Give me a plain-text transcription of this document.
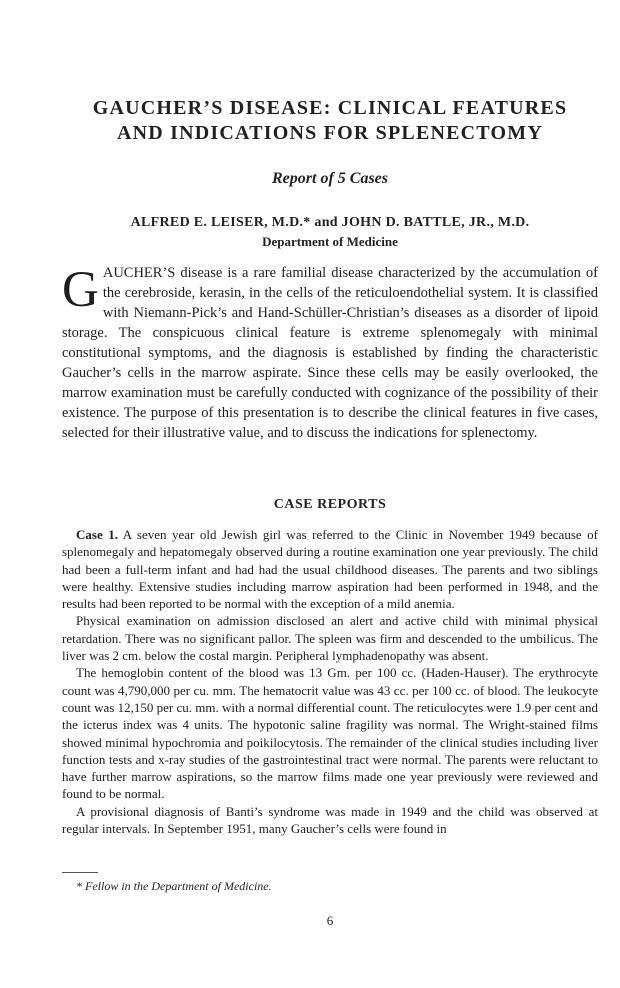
GAUCHER’S DISEASE: CLINICAL FEATURES
AND INDICATIONS FOR SPLENECTOMY
Report of 5 Cases
ALFRED E. LEISER, M.D.* and JOHN D. BATTLE, JR., M.D.
Department of Medicine
GAUCHER’S disease is a rare familial disease characterized by the accumulation of the cerebroside, kerasin, in the cells of the reticuloendothelial system. It is classified with Niemann-Pick’s and Hand-Schüller-Christian’s diseases as a disorder of lipoid storage. The conspicuous clinical feature is extreme splenomegaly with minimal constitutional symptoms, and the diagnosis is established by finding the characteristic Gaucher’s cells in the marrow aspirate. Since these cells may be easily overlooked, the marrow examination must be carefully conducted with cognizance of the possibility of their existence. The purpose of this presentation is to describe the clinical features in five cases, selected for their illustrative value, and to discuss the indications for splenectomy.
CASE REPORTS

Case 1. A seven year old Jewish girl was referred to the Clinic in November 1949 because of splenomegaly and hepatomegaly observed during a routine examination one year previously. The child had been a full-term infant and had had the usual childhood diseases. The parents and two siblings were healthy. Extensive studies including marrow aspiration had been performed in 1948, and the results had been reported to be normal with the exception of a mild anemia.

Physical examination on admission disclosed an alert and active child with minimal physical retardation. There was no significant pallor. The spleen was firm and descended to the umbilicus. The liver was 2 cm. below the costal margin. Peripheral lymphadenopathy was absent.

The hemoglobin content of the blood was 13 Gm. per 100 cc. (Haden-Hauser). The erythrocyte count was 4,790,000 per cu. mm. The hematocrit value was 43 cc. per 100 cc. of blood. The leukocyte count was 12,150 per cu. mm. with a normal differential count. The reticulocytes were 1.9 per cent and the icterus index was 4 units. The hypotonic saline fragility was normal. The Wright-stained films showed minimal hypochromia and poikilocytosis. The remainder of the clinical studies including liver function tests and x-ray studies of the gastrointestinal tract were normal. The parents were reluctant to have further marrow aspirations, so the marrow films made one year previously were reviewed and found to be normal.

A provisional diagnosis of Banti’s syndrome was made in 1949 and the child was observed at regular intervals. In September 1951, many Gaucher’s cells were found in

* Fellow in the Department of Medicine.
6
